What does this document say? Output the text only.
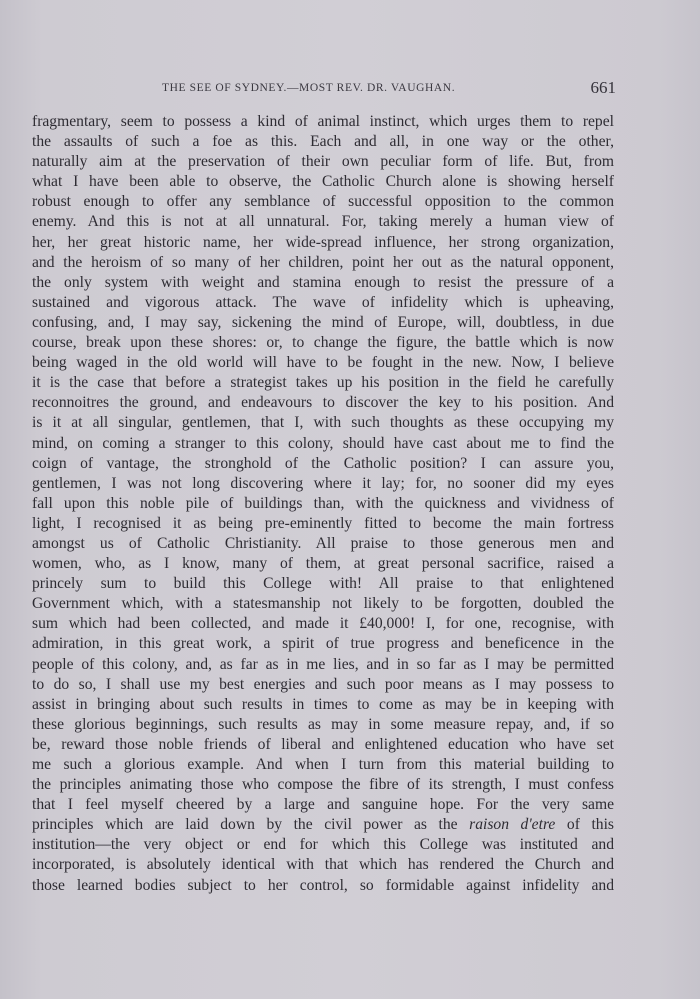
THE SEE OF SYDNEY.—MOST REV. DR. VAUGHAN.	661
fragmentary, seem to possess a kind of animal instinct, which urges them to repel
the assaults of such a foe as this. Each and all, in one way or the other,
naturally aim at the preservation of their own peculiar form of life. But, from
what I have been able to observe, the Catholic Church alone is showing herself
robust enough to offer any semblance of successful opposition to the common
enemy. And this is not at all unnatural. For, taking merely a human view of
her, her great historic name, her wide-spread influence, her strong organization,
and the heroism of so many of her children, point her out as the natural opponent,
the only system with weight and stamina enough to resist the pressure of a
sustained and vigorous attack. The wave of infidelity which is upheaving,
confusing, and, I may say, sickening the mind of Europe, will, doubtless, in due
course, break upon these shores: or, to change the figure, the battle which is now
being waged in the old world will have to be fought in the new. Now, I believe
it is the case that before a strategist takes up his position in the field he carefully
reconnoitres the ground, and endeavours to discover the key to his position. And
is it at all singular, gentlemen, that I, with such thoughts as these occupying my
mind, on coming a stranger to this colony, should have cast about me to find the
coign of vantage, the stronghold of the Catholic position? I can assure you,
gentlemen, I was not long discovering where it lay; for, no sooner did my eyes
fall upon this noble pile of buildings than, with the quickness and vividness of
light, I recognised it as being pre-eminently fitted to become the main fortress
amongst us of Catholic Christianity. All praise to those generous men and
women, who, as I know, many of them, at great personal sacrifice, raised a
princely sum to build this College with! All praise to that enlightened
Government which, with a statesmanship not likely to be forgotten, doubled the
sum which had been collected, and made it £40,000! I, for one, recognise, with
admiration, in this great work, a spirit of true progress and beneficence in the
people of this colony, and, as far as in me lies, and in so far as I may be permitted
to do so, I shall use my best energies and such poor means as I may possess to
assist in bringing about such results in times to come as may be in keeping with
these glorious beginnings, such results as may in some measure repay, and, if so
be, reward those noble friends of liberal and enlightened education who have set
me such a glorious example. And when I turn from this material building to
the principles animating those who compose the fibre of its strength, I must confess
that I feel myself cheered by a large and sanguine hope. For the very same
principles which are laid down by the civil power as the raison d'etre of this
institution—the very object or end for which this College was instituted and
incorporated, is absolutely identical with that which has rendered the Church and
those learned bodies subject to her control, so formidable against infidelity and
